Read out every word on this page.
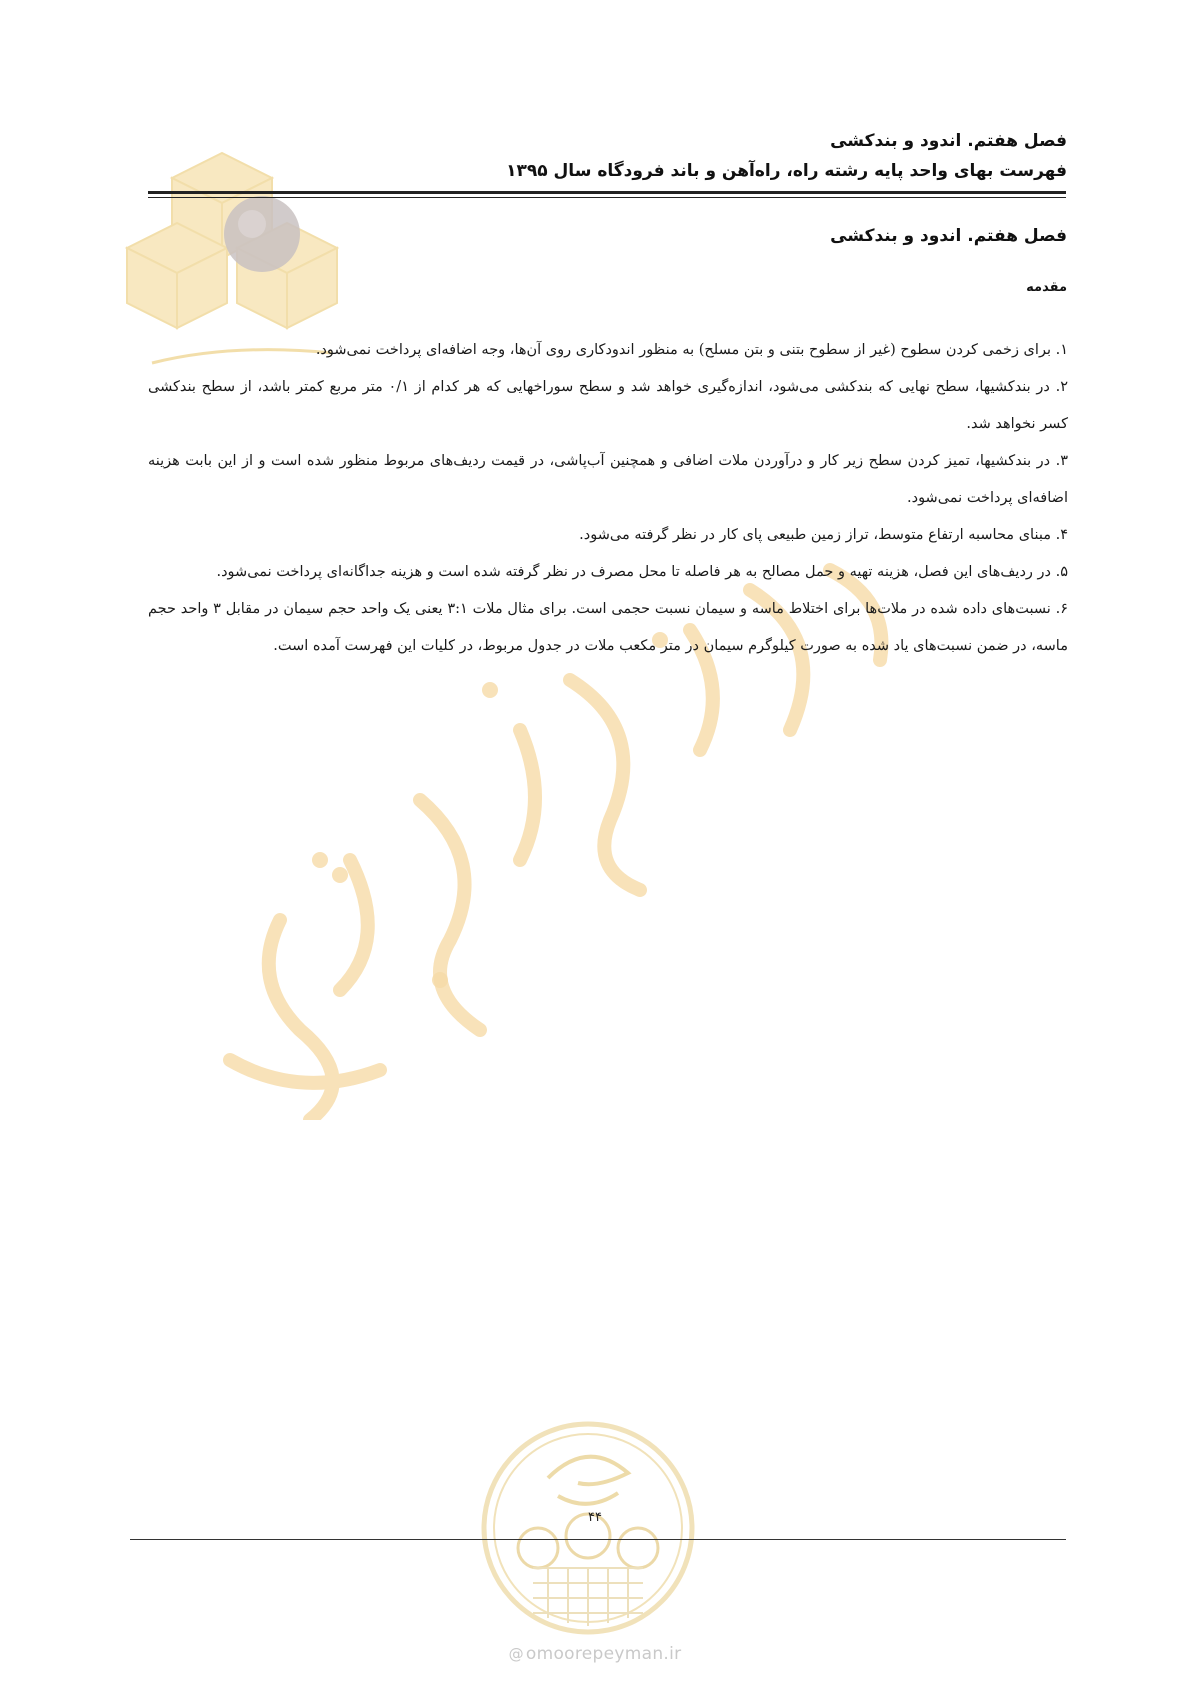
فصل هفتم. اندود و بندکشی
فهرست بهای واحد پایه رشته راه، راه‌آهن و باند فرودگاه سال ۱۳۹۵
فصل هفتم. اندود و بندکشی
مقدمه

۱. برای زخمی کردن سطوح (غیر از سطوح بتنی و بتن مسلح) به منظور اندودکاری روی آن‌ها، وجه اضافه‌ای پرداخت نمی‌شود.

۲. در بندکشیها، سطح نهایی که بندکشی می‌شود، اندازه‌گیری خواهد شد و سطح سوراخهایی که هر کدام از ۰/۱ متر مربع کمتر باشد، از سطح بندکشی کسر نخواهد شد.

۳. در بندکشیها، تمیز کردن سطح زیر کار و درآوردن ملات اضافی و همچنین آب‌پاشی، در قیمت ردیف‌های مربوط منظور شده است و از این بابت هزینه اضافه‌ای پرداخت نمی‌شود.

۴. مبنای محاسبه ارتفاع متوسط، تراز زمین طبیعی پای کار در نظر گرفته می‌شود.

۵. در ردیف‌های این فصل، هزینه تهیه و حمل مصالح به هر فاصله تا محل مصرف در نظر گرفته شده است و هزینه جداگانه‌ای پرداخت نمی‌شود.

۶. نسبت‌های داده شده در ملات‌ها برای اختلاط ماسه و سیمان نسبت حجمی است. برای مثال ملات ۳:۱ یعنی یک واحد حجم سیمان در مقابل ۳ واحد حجم ماسه، در ضمن نسبت‌های یاد شده به صورت کیلوگرم سیمان در متر مکعب ملات در جدول مربوط، در کلیات این فهرست آمده است.

۴۴
@ omoorepeyman.ir
